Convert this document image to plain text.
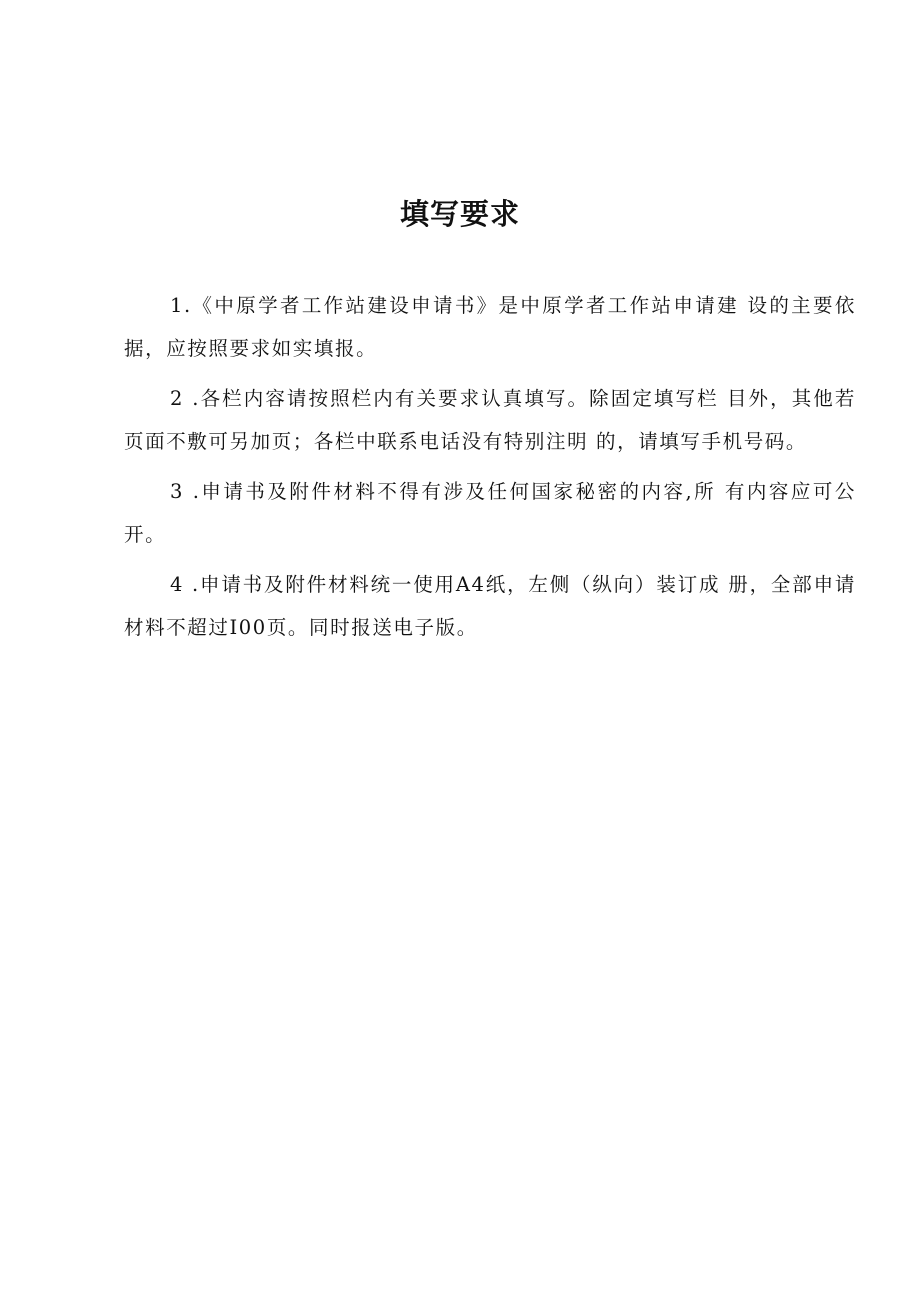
填写要求

1.《中原学者工作站建设申请书》是中原学者工作站申请建 设的主要依据，应按照要求如实填报。

2 .各栏内容请按照栏内有关要求认真填写。除固定填写栏 目外，其他若页面不敷可另加页；各栏中联系电话没有特别注明 的，请填写手机号码。

3 .申请书及附件材料不得有涉及任何国家秘密的内容,所 有内容应可公开。

4 .申请书及附件材料统一使用A4纸，左侧（纵向）装订成 册，全部申请材料不超过I00页。同时报送电子版。
